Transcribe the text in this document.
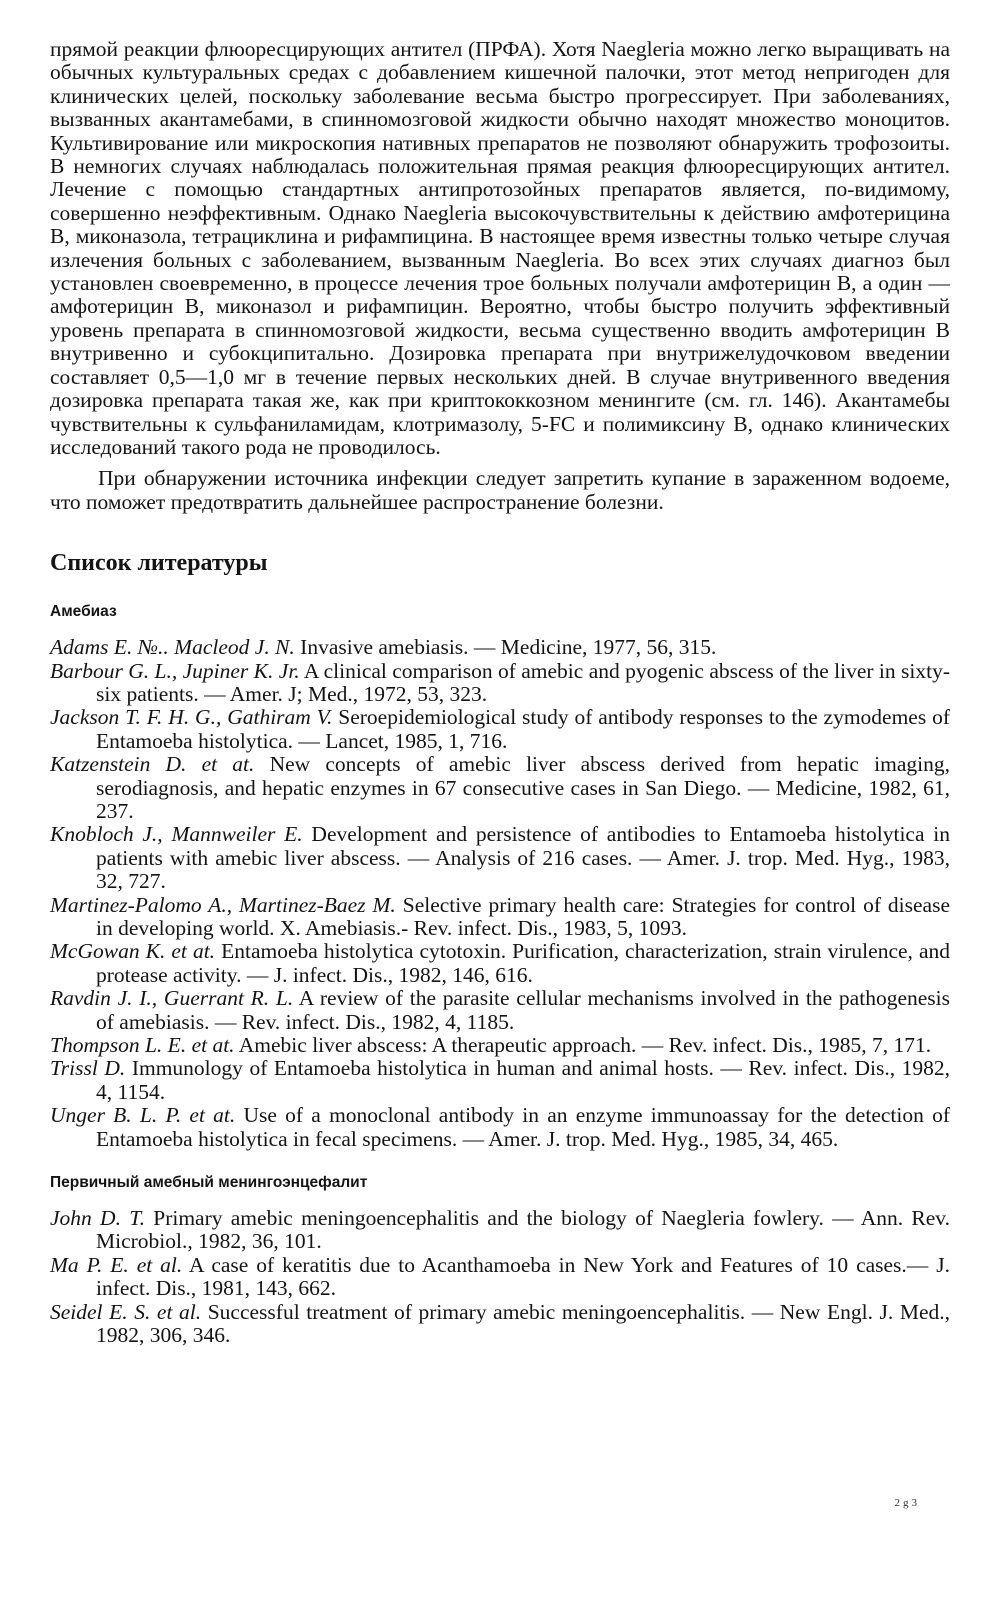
прямой реакции флюоресцирующих антител (ПРФА). Хотя Naegleria можно легко выращивать на обычных культуральных средах с добавлением кишечной палочки, этот метод непригоден для клинических целей, поскольку заболевание весьма быстро прогрессирует. При заболеваниях, вызванных акантамебами, в спинномозговой жидкости обычно находят множество моноцитов. Культивирование или микроскопия нативных препаратов не позволяют обнаружить трофозоиты. В немногих случаях наблюдалась положительная прямая реакция флюоресцирующих антител. Лечение с помощью стандартных антипротозойных препаратов является, по-видимому, совершенно неэффективным. Однако Naegleria высокочувствительны к действию амфотерицина В, миконазола, тетрациклина и рифампицина. В настоящее время известны только четыре случая излечения больных с заболеванием, вызванным Naegleria. Во всех этих случаях диагноз был установлен своевременно, в процессе лечения трое больных получали амфотерицин В, а один — амфотерицин В, миконазол и рифампицин. Вероятно, чтобы быстро получить эффективный уровень препарата в спинномозговой жидкости, весьма существенно вводить амфотерицин В внутривенно и субокципитально. Дозировка препарата при внутрижелудочковом введении составляет 0,5—1,0 мг в течение первых нескольких дней. В случае внутривенного введения дозировка препарата такая же, как при криптококкозном менингите (см. гл. 146). Акантамебы чувствительны к сульфаниламидам, клотримазолу, 5-FC и полимиксину В, однако клинических исследований такого рода не проводилось.

При обнаружении источника инфекции следует запретить купание в зараженном водоеме, что поможет предотвратить дальнейшее распространение болезни.

Список литературы
Амебиаз
Adams E. №.. Macleod J. N. Invasive amebiasis. — Medicine, 1977, 56, 315.
Barbour G. L., Jupiner K. Jr. A clinical comparison of amebic and pyogenic abscess of the liver in sixty-six patients. — Amer. J; Med., 1972, 53, 323.
Jackson T. F. H. G., Gathiram V. Seroepidemiological study of antibody responses to the zymodemes of Entamoeba histolytica. — Lancet, 1985, 1, 716.
Katzenstein D. et at. New concepts of amebic liver abscess derived from hepatic imaging, serodiagnosis, and hepatic enzymes in 67 consecutive cases in San Diego. — Medicine, 1982, 61, 237.
Knobloch J., Mannweiler E. Development and persistence of antibodies to Entamoeba histolytica in patients with amebic liver abscess. — Analysis of 216 cases. — Amer. J. trop. Med. Hyg., 1983, 32, 727.
Martinez-Palomo A., Martinez-Baez M. Selective primary health care: Strategies for control of disease in developing world. X. Amebiasis.- Rev. infect. Dis., 1983, 5, 1093.
McGowan K. et at. Entamoeba histolytica cytotoxin. Purification, characterization, strain virulence, and protease activity. — J. infect. Dis., 1982, 146, 616.
Ravdin J. I., Guerrant R. L. A review of the parasite cellular mechanisms involved in the pathogenesis of amebiasis. — Rev. infect. Dis., 1982, 4, 1185.
Thompson L. E. et at. Amebic liver abscess: A therapeutic approach. — Rev. infect. Dis., 1985, 7, 171.
Trissl D. Immunology of Entamoeba histolytica in human and animal hosts. — Rev. infect. Dis., 1982, 4, 1154.
Unger B. L. P. et at. Use of a monoclonal antibody in an enzyme immunoassay for the detection of Entamoeba histolytica in fecal specimens. — Amer. J. trop. Med. Hyg., 1985, 34, 465.
Первичный амебный менингоэнцефалит
John D. T. Primary amebic meningoencephalitis and the biology of Naegleria fowlery. — Ann. Rev. Microbiol., 1982, 36, 101.
Ma P. E. et al. A case of keratitis due to Acanthamoeba in New York and Features of 10 cases.— J. infect. Dis., 1981, 143, 662.
Seidel E. S. et al. Successful treatment of primary amebic meningoencephalitis. — New Engl. J. Med., 1982, 306, 346.
2g3
